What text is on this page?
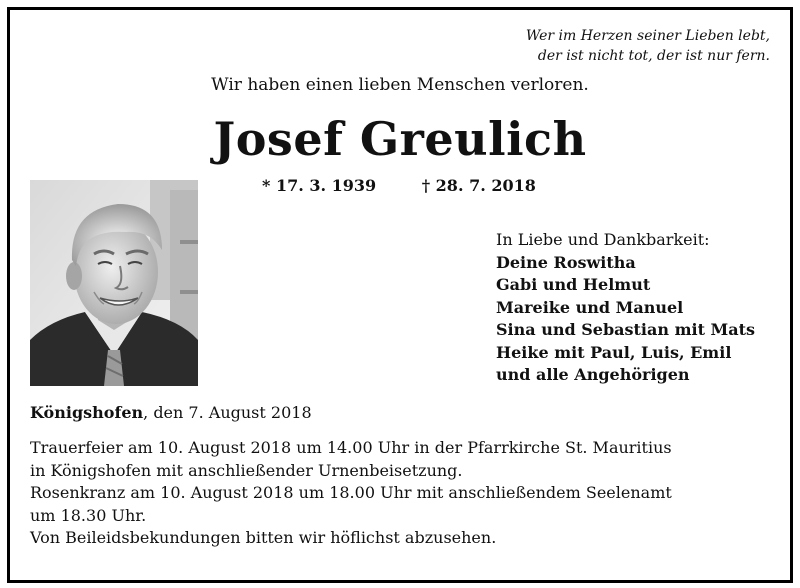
Wer im Herzen seiner Lieben lebt,
der ist nicht tot, der ist nur fern.
Wir haben einen lieben Menschen verloren.
Josef Greulich
* 17. 3. 1939	† 28. 7. 2018
In Liebe und Dankbarkeit:
Deine Roswitha
Gabi und Helmut
Mareike und Manuel
Sina und Sebastian mit Mats
Heike mit Paul, Luis, Emil
und alle Angehörigen
Königshofen, den 7. August 2018

Trauerfeier am 10. August 2018 um 14.00 Uhr in der Pfarrkirche St. Mauritius

in Königshofen mit anschließender Urnenbeisetzung.

Rosenkranz am 10. August 2018 um 18.00 Uhr mit anschließendem Seelenamt

um 18.30 Uhr.

Von Beileidsbekundungen bitten wir höflichst abzusehen.
